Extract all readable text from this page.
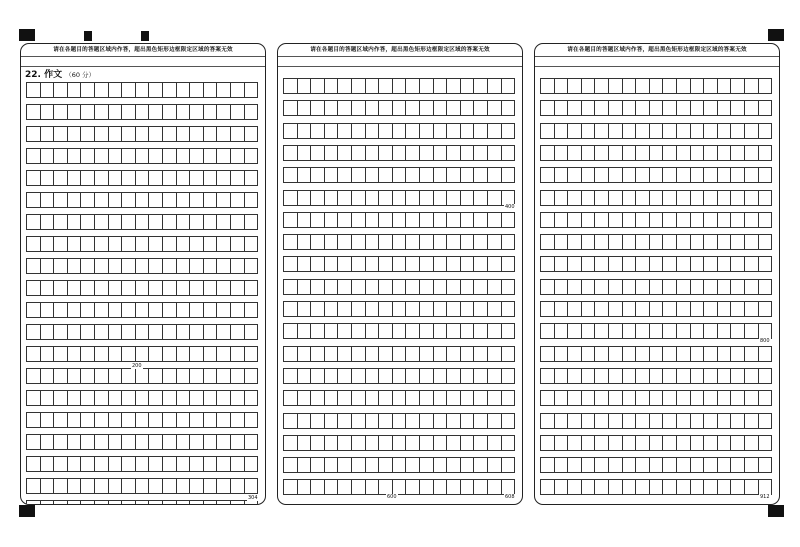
请在各题目的答题区域内作答，超出黑色矩形边框限定区域的答案无效
22. 作文 （60 分）
200
304
请在各题目的答题区域内作答，超出黑色矩形边框限定区域的答案无效
400
600	608
请在各题目的答题区域内作答，超出黑色矩形边框限定区域的答案无效
800
912
